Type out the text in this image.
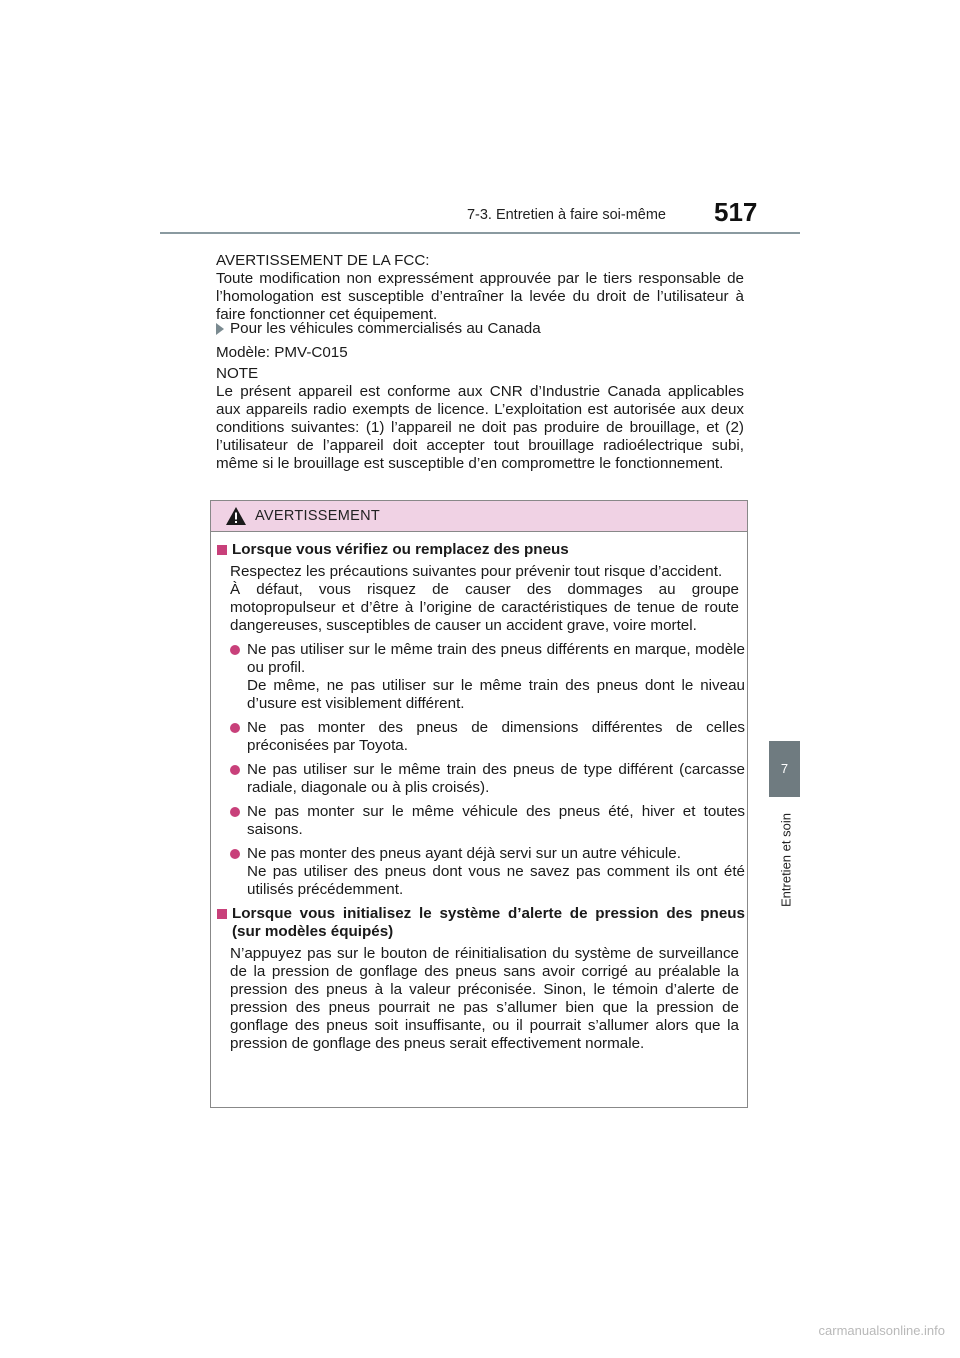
7-3. Entretien à faire soi-même 517
7
Entretien et soin

AVERTISSEMENT DE LA FCC:

Toute modification non expressément approuvée par le tiers responsable de l’homologation est susceptible d’entraîner la levée du droit de l’utilisateur à faire fonctionner cet équipement.

Pour les véhicules commercialisés au Canada
Modèle: PMV-C015

NOTE

Le présent appareil est conforme aux CNR d’Industrie Canada applicables aux appareils radio exempts de licence. L’exploitation est autorisée aux deux conditions suivantes: (1) l’appareil ne doit pas produire de brouillage, et (2) l’utilisateur de l’appareil doit accepter tout brouillage radioélectrique subi, même si le brouillage est susceptible d’en compromettre le fonctionnement.

AVERTISSEMENT
Lorsque vous vérifiez ou remplacez des pneus

Respectez les précautions suivantes pour prévenir tout risque d’accident.

À défaut, vous risquez de causer des dommages au groupe motopropulseur et d’être à l’origine de caractéristiques de tenue de route dangereuses, susceptibles de causer un accident grave, voire mortel.

Ne pas utiliser sur le même train des pneus différents en marque, modèle ou profil.

De même, ne pas utiliser sur le même train des pneus dont le niveau d’usure est visiblement différent.

Ne pas monter des pneus de dimensions différentes de celles préconisées par Toyota.

Ne pas utiliser sur le même train des pneus de type différent (carcasse radiale, diagonale ou à plis croisés).

Ne pas monter sur le même véhicule des pneus été, hiver et toutes saisons.

Ne pas monter des pneus ayant déjà servi sur un autre véhicule.

Ne pas utiliser des pneus dont vous ne savez pas comment ils ont été utilisés précédemment.

Lorsque vous initialisez le système d’alerte de pression des pneus (sur modèles équipés)

N’appuyez pas sur le bouton de réinitialisation du système de surveillance de la pression de gonflage des pneus sans avoir corrigé au préalable la pression des pneus à la valeur préconisée. Sinon, le témoin d’alerte de pression des pneus pourrait ne pas s’allumer bien que la pression de gonflage des pneus soit insuffisante, ou il pourrait s’allumer alors que la pression de gonflage des pneus serait effectivement normale.

carmanualsonline.info
